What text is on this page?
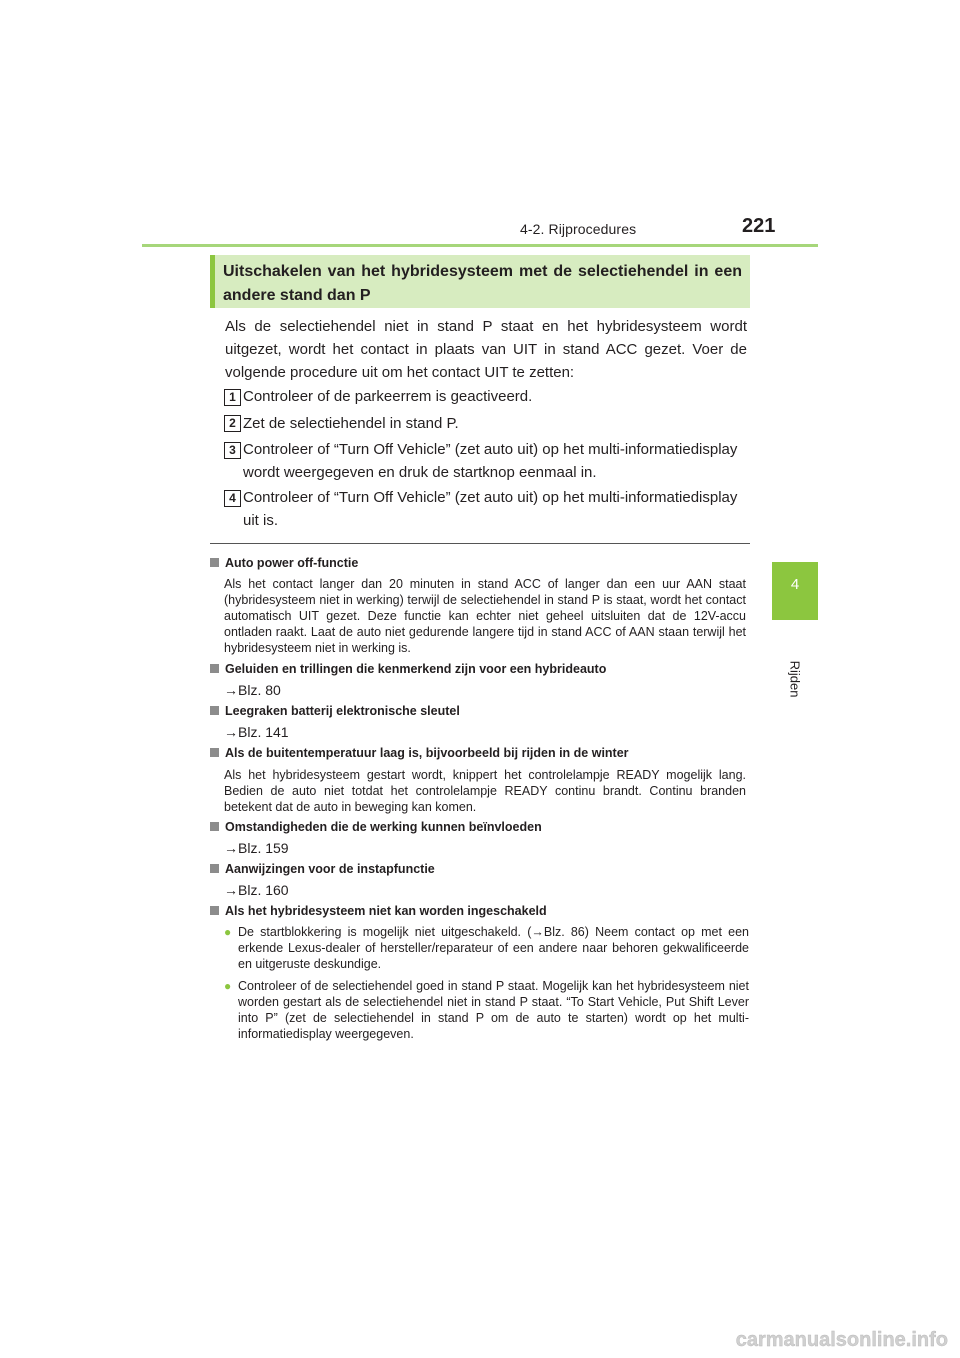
4-2. Rijprocedures	221
4
Rijden
Uitschakelen van het hybridesysteem met de selectiehendel in een andere stand dan P
Als de selectiehendel niet in stand P staat en het hybridesysteem wordt uitgezet, wordt het contact in plaats van UIT in stand ACC gezet. Voer de volgende procedure uit om het contact UIT te zetten:
1 Controleer of de parkeerrem is geactiveerd.
2 Zet de selectiehendel in stand P.
3 Controleer of “Turn Off Vehicle” (zet auto uit) op het multi-informatiedisplay wordt weergegeven en druk de startknop eenmaal in.
4 Controleer of “Turn Off Vehicle” (zet auto uit) op het multi-informatiedisplay uit is.
Auto power off-functie
Als het contact langer dan 20 minuten in stand ACC of langer dan een uur AAN staat (hybridesysteem niet in werking) terwijl de selectiehendel in stand P is staat, wordt het contact automatisch UIT gezet. Deze functie kan echter niet geheel uitsluiten dat de 12V-accu ontladen raakt. Laat de auto niet gedurende langere tijd in stand ACC of AAN staan terwijl het hybridesysteem niet in werking is.
Geluiden en trillingen die kenmerkend zijn voor een hybrideauto
→Blz. 80
Leegraken batterij elektronische sleutel
→Blz. 141
Als de buitentemperatuur laag is, bijvoorbeeld bij rijden in de winter
Als het hybridesysteem gestart wordt, knippert het controlelampje READY mogelijk lang. Bedien de auto niet totdat het controlelampje READY continu brandt. Continu branden betekent dat de auto in beweging kan komen.
Omstandigheden die de werking kunnen beïnvloeden
→Blz. 159
Aanwijzingen voor de instapfunctie
→Blz. 160
Als het hybridesysteem niet kan worden ingeschakeld
● De startblokkering is mogelijk niet uitgeschakeld. (→Blz. 86) Neem contact op met een erkende Lexus-dealer of hersteller/reparateur of een andere naar behoren gekwalificeerde en uitgeruste deskundige.
● Controleer of de selectiehendel goed in stand P staat. Mogelijk kan het hybridesysteem niet worden gestart als de selectiehendel niet in stand P staat. “To Start Vehicle, Put Shift Lever into P” (zet de selectiehendel in stand P om de auto te starten) wordt op het multi-informatiedisplay weergegeven.
carmanualsonline.info
